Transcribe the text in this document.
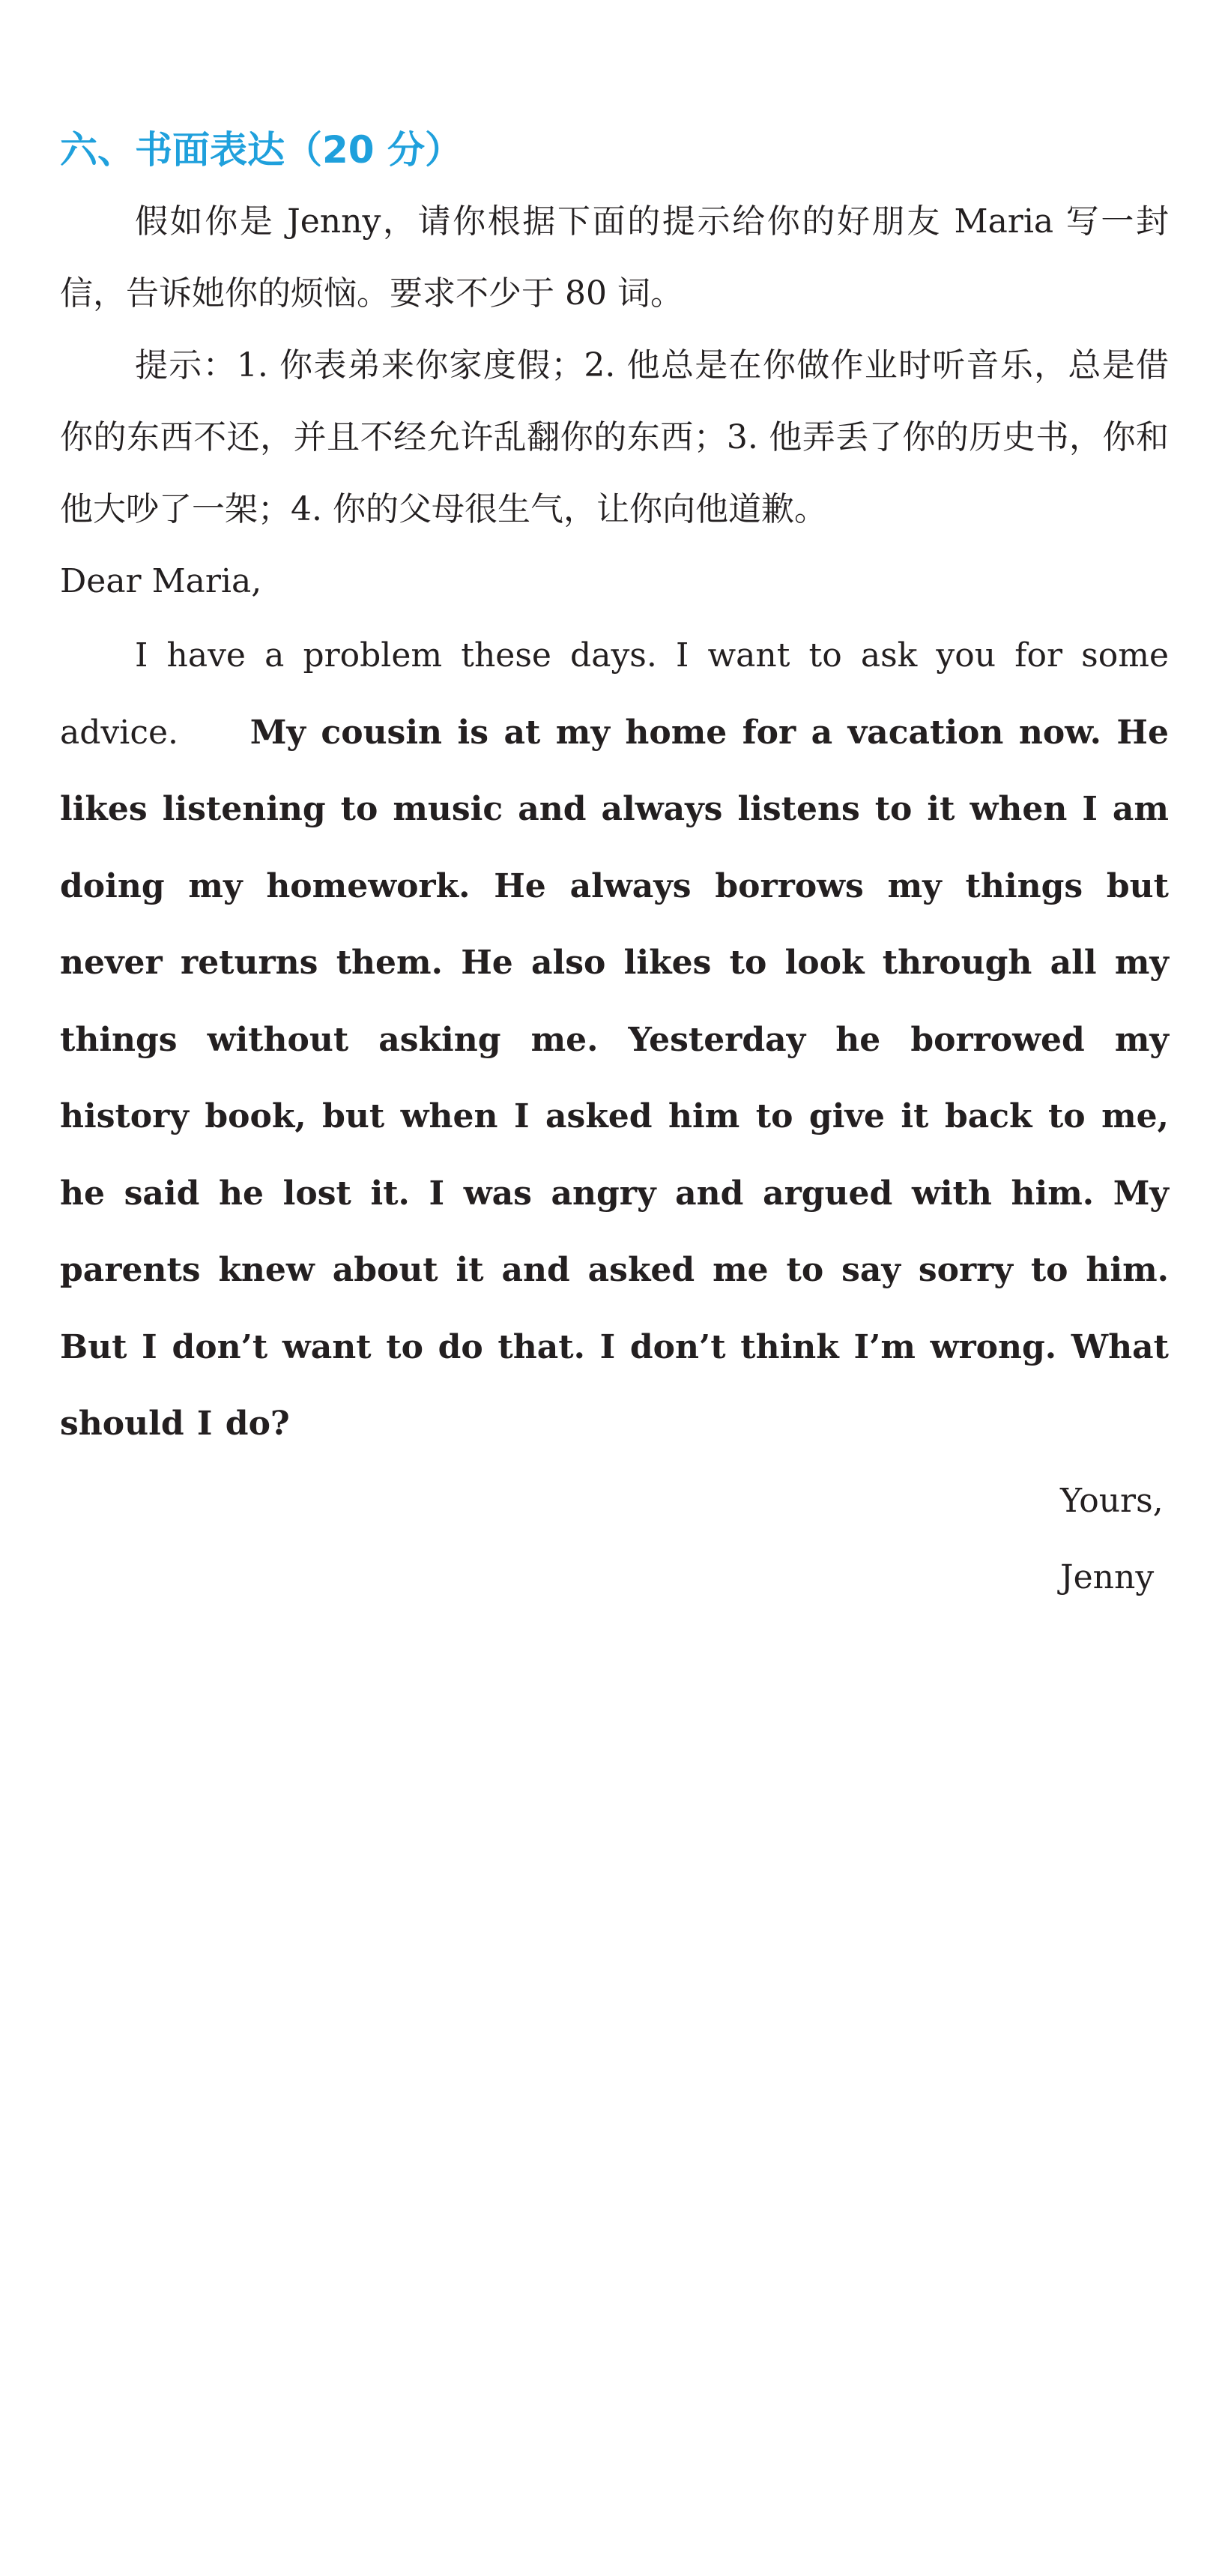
六、书面表达（20 分）

假如你是 Jenny，请你根据下面的提示给你的好朋友 Maria 写一封信，告诉她你的烦恼。要求不少于 80 词。

提示：1. 你表弟来你家度假；2. 他总是在你做作业时听音乐，总是借你的东西不还，并且不经允许乱翻你的东西；3. 他弄丢了你的历史书，你和他大吵了一架；4. 你的父母很生气，让你向他道歉。

Dear Maria,

I have a problem these days. I want to ask you for some advice. My cousin is at my home for a vacation now. He likes listening to music and always listens to it when I am doing my homework. He always borrows my things but never returns them. He also likes to look through all my things without asking me. Yesterday he borrowed my history book, but when I asked him to give it back to me, he said he lost it. I was angry and argued with him. My parents knew about it and asked me to say sorry to him. But I don’t want to do that. I don’t think I’m wrong. What should I do?

Yours,

Jenny
